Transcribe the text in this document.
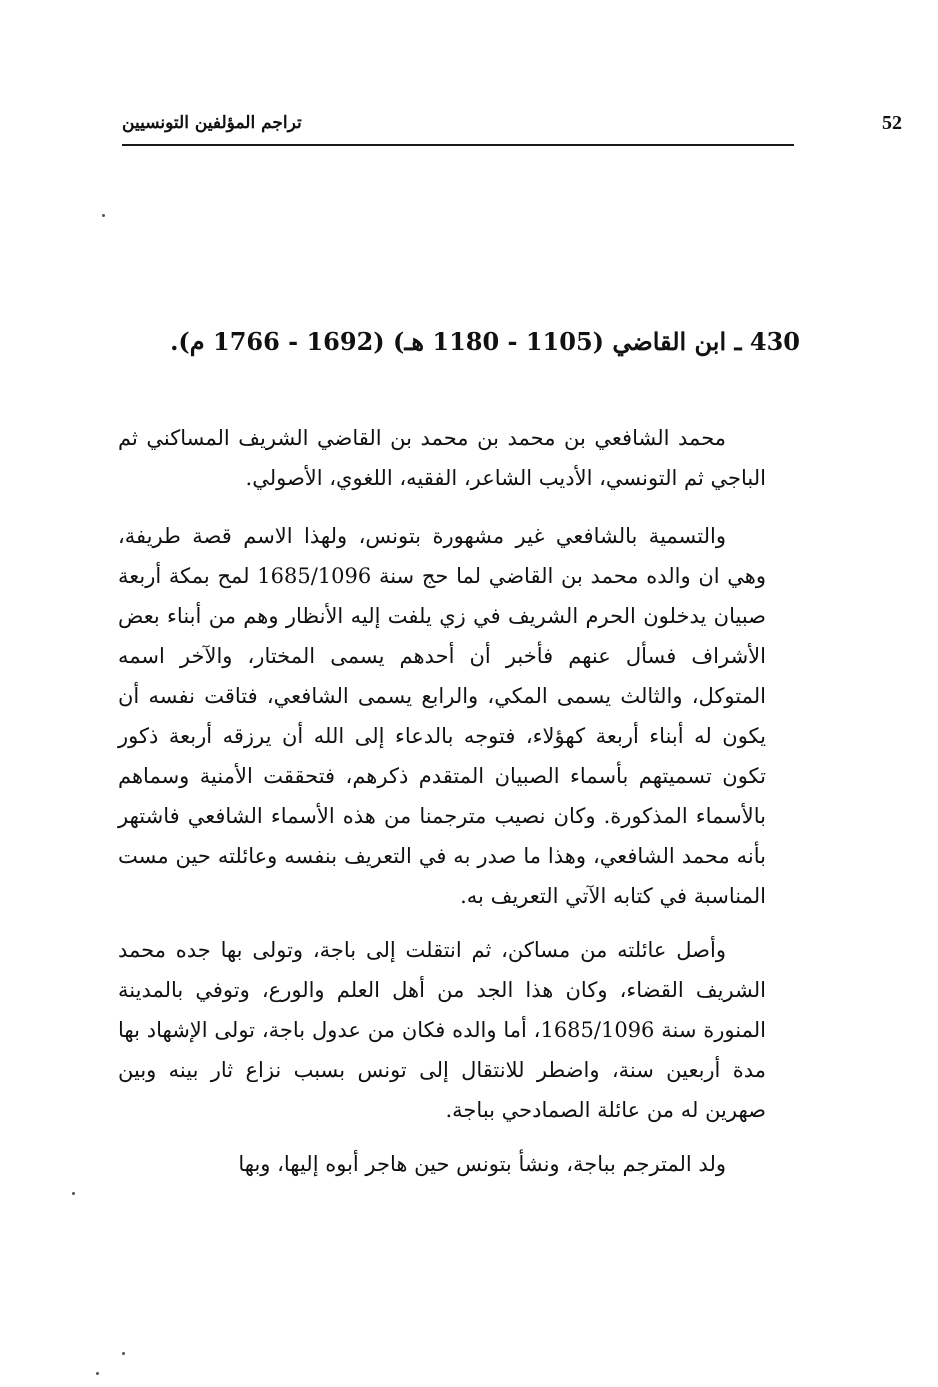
52
تراجم المؤلفين التونسيين
430 ـ ابن القاضي (1105 - 1180 هـ) (1692 - 1766 م).

محمد الشافعي بن محمد بن محمد بن القاضي الشريف المساكني ثم الباجي ثم التونسي، الأديب الشاعر، الفقيه، اللغوي، الأصولي.

والتسمية بالشافعي غير مشهورة بتونس، ولهذا الاسم قصة طريفة، وهي ان والده محمد بن القاضي لما حج سنة 1685/1096 لمح بمكة أربعة صبيان يدخلون الحرم الشريف في زي يلفت إليه الأنظار وهم من أبناء بعض الأشراف فسأل عنهم فأخبر أن أحدهم يسمى المختار، والآخر اسمه المتوكل، والثالث يسمى المكي، والرابع يسمى الشافعي، فتاقت نفسه أن يكون له أبناء أربعة كهؤلاء، فتوجه بالدعاء إلى الله أن يرزقه أربعة ذكور تكون تسميتهم بأسماء الصبيان المتقدم ذكرهم، فتحققت الأمنية وسماهم بالأسماء المذكورة. وكان نصيب مترجمنا من هذه الأسماء الشافعي فاشتهر بأنه محمد الشافعي، وهذا ما صدر به في التعريف بنفسه وعائلته حين مست المناسبة في كتابه الآتي التعريف به.

وأصل عائلته من مساكن، ثم انتقلت إلى باجة، وتولى بها جده محمد الشريف القضاء، وكان هذا الجد من أهل العلم والورع، وتوفي بالمدينة المنورة سنة 1685/1096، أما والده فكان من عدول باجة، تولى الإشهاد بها مدة أربعين سنة، واضطر للانتقال إلى تونس بسبب نزاع ثار بينه وبين صهرين له من عائلة الصمادحي بباجة.

ولد المترجم بباجة، ونشأ بتونس حين هاجر أبوه إليها، وبها
